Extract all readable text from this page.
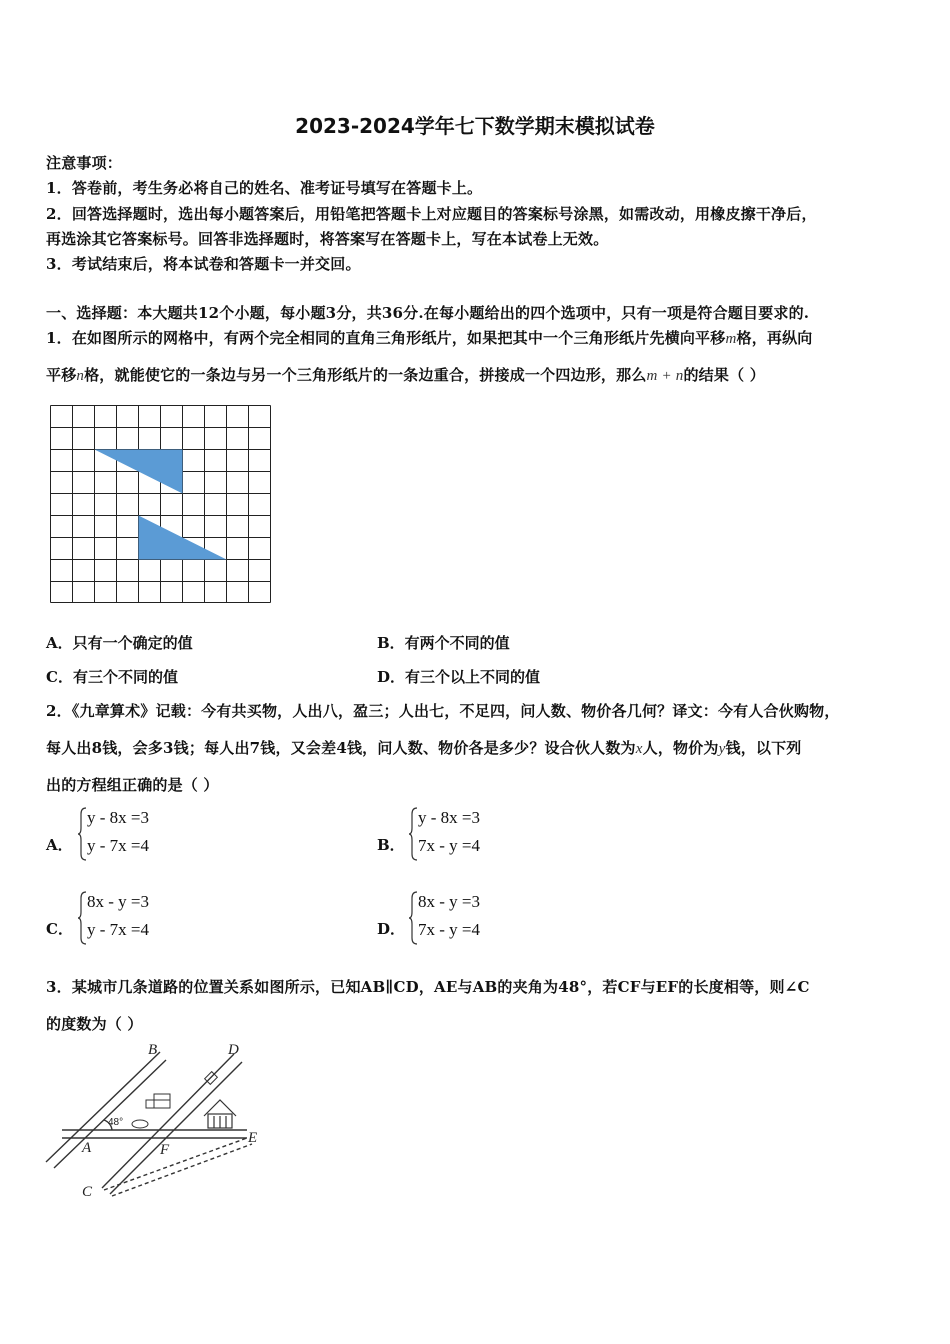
2023-2024学年七下数学期末模拟试卷
注意事项：
1．答卷前，考生务必将自己的姓名、准考证号填写在答题卡上。
2．回答选择题时，选出每小题答案后，用铅笔把答题卡上对应题目的答案标号涂黑，如需改动，用橡皮擦干净后，
再选涂其它答案标号。回答非选择题时，将答案写在答题卡上，写在本试卷上无效。
3．考试结束后，将本试卷和答题卡一并交回。
一、选择题：本大题共12个小题，每小题3分，共36分.在每小题给出的四个选项中，只有一项是符合题目要求的.
1．在如图所示的网格中，有两个完全相同的直角三角形纸片，如果把其中一个三角形纸片先横向平移m格，再纵向
平移n格，就能使它的一条边与另一个三角形纸片的一条边重合，拼接成一个四边形，那么m + n的结果（ ）
A．只有一个确定的值	B．有两个不同的值
C．有三个不同的值	D．有三个以上不同的值
2．《九章算术》记载：今有共买物，人出八，盈三；人出七，不足四，问人数、物价各几何？译文：今有人合伙购物，
每人出8钱，会多3钱；每人出7钱，又会差4钱，问人数、物价各是多少？设合伙人数为x人，物价为y钱，以下列
出的方程组正确的是（ ）
A．
y - 8x =3
y - 7x =4	B．
y - 8x =3
7x - y =4
C．
8x - y =3
y - 7x =4	D．
8x - y =3
7x - y =4
3．某城市几条道路的位置关系如图所示，已知AB∥CD，AE与AB的夹角为48°，若CF与EF的长度相等，则∠C
的度数为（ ）
B	D
A	F
E
C
48°
